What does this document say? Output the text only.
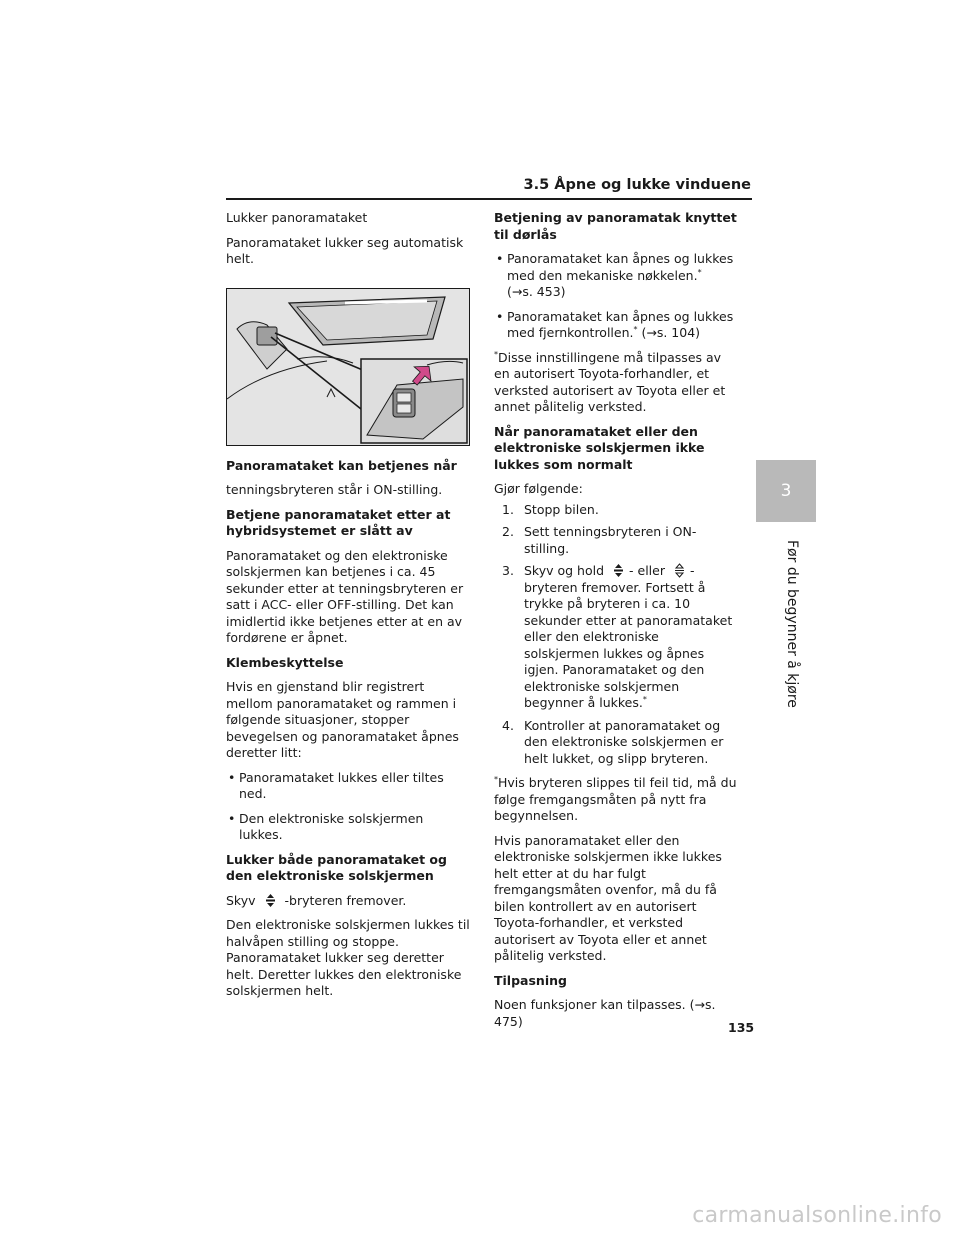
3.5 Åpne og lukke vinduene

Lukker panoramataket

Panoramataket lukker seg automatisk helt.

Panoramataket kan betjenes når

tenningsbryteren står i ON-stilling.

Betjene panoramataket etter at hybridsystemet er slått av

Panoramataket og den elektroniske solskjermen kan betjenes i ca. 45 sekunder etter at tenningsbryteren er satt i ACC- eller OFF-stilling. Det kan imidlertid ikke betjenes etter at en av fordørene er åpnet.

Klembeskyttelse

Hvis en gjenstand blir registrert mellom panoramataket og rammen i følgende situasjoner, stopper bevegelsen og panoramataket åpnes deretter litt:

• Panoramataket lukkes eller tiltes ned.
• Den elektroniske solskjermen lukkes.
Lukker både panoramataket og den elektroniske solskjermen

Skyv -bryteren fremover.

Den elektroniske solskjermen lukkes til halvåpen stilling og stoppe. Panoramataket lukker seg deretter helt. Deretter lukkes den elektroniske solskjermen helt.

Betjening av panoramatak knyttet til dørlås
• Panoramataket kan åpnes og lukkes med den mekaniske nøkkelen.*
(→s. 453)
• Panoramataket kan åpnes og lukkes med fjernkontrollen.* (→s. 104)

*Disse innstillingene må tilpasses av en autorisert Toyota-forhandler, et verksted autorisert av Toyota eller et annet pålitelig verksted.

Når panoramataket eller den elektroniske solskjermen ikke lukkes som normalt

Gjør følgende:

1. Stopp bilen.
2. Sett tenningsbryteren i ON-stilling.
3. Skyv og hold - eller -bryteren fremover. Fortsett å trykke på bryteren i ca. 10 sekunder etter at panoramataket eller den elektroniske solskjermen lukkes og åpnes igjen. Panoramataket og den elektroniske solskjermen begynner å lukkes.*
4. Kontroller at panoramataket og den elektroniske solskjermen er helt lukket, og slipp bryteren.

*Hvis bryteren slippes til feil tid, må du følge fremgangsmåten på nytt fra begynnelsen.

Hvis panoramataket eller den elektroniske solskjermen ikke lukkes helt etter at du har fulgt fremgangsmåten ovenfor, må du få bilen kontrollert av en autorisert Toyota-forhandler, et verksted autorisert av Toyota eller et annet pålitelig verksted.

Tilpasning

Noen funksjoner kan tilpasses. (→s. 475)

3
Før du begynner å kjøre
135
carmanualsonline.info
